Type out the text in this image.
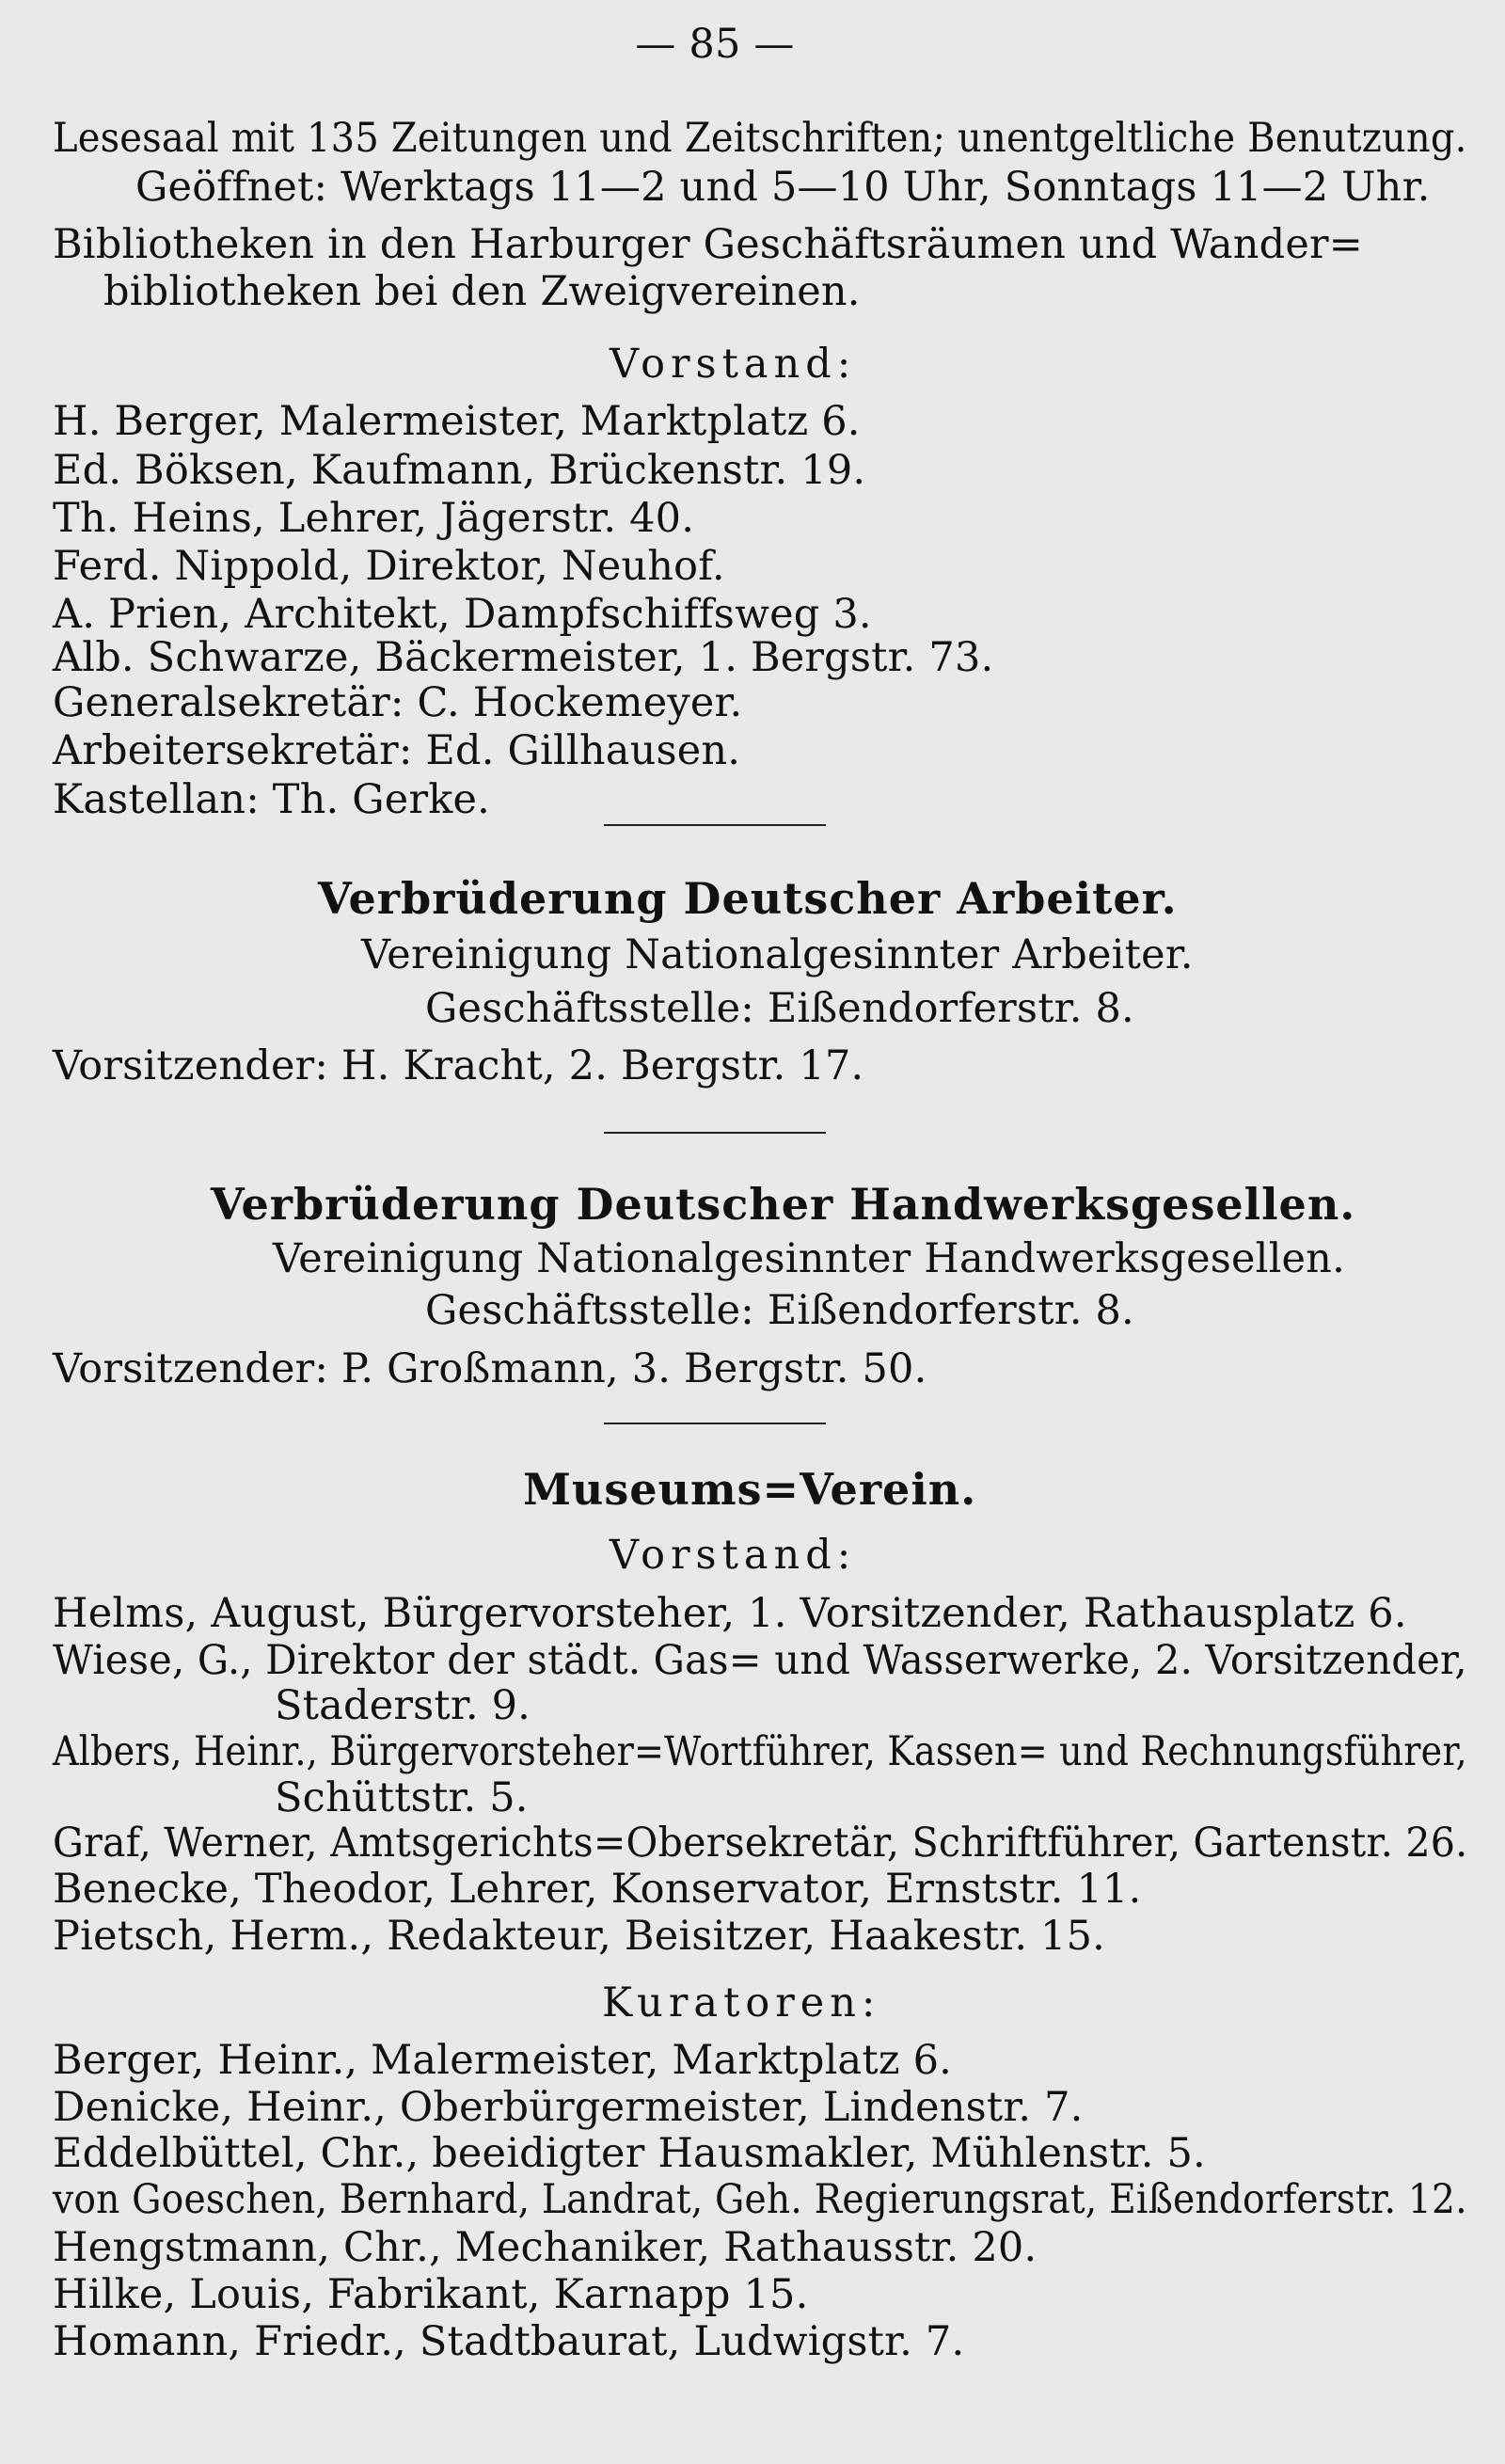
— 85 —
Lesesaal mit 135 Zeitungen und Zeitschriften; unentgeltliche Benutzung.
Geöffnet: Werktags 11—2 und 5—10 Uhr, Sonntags 11—2 Uhr.
Bibliotheken in den Harburger Geschäftsräumen und Wander=
bibliotheken bei den Zweigvereinen.
Vorstand:
H. Berger, Malermeister, Marktplatz 6.
Ed. Böksen, Kaufmann, Brückenstr. 19.
Th. Heins, Lehrer, Jägerstr. 40.
Ferd. Nippold, Direktor, Neuhof.
A. Prien, Architekt, Dampfschiffsweg 3.
Alb. Schwarze, Bäckermeister, 1. Bergstr. 73.
Generalsekretär: C. Hockemeyer.
Arbeitersekretär: Ed. Gillhausen.
Kastellan: Th. Gerke.
Verbrüderung Deutscher Arbeiter.
Vereinigung Nationalgesinnter Arbeiter.
Geschäftsstelle: Eißendorferstr. 8.
Vorsitzender: H. Kracht, 2. Bergstr. 17.
Verbrüderung Deutscher Handwerksgesellen.
Vereinigung Nationalgesinnter Handwerksgesellen.
Geschäftsstelle: Eißendorferstr. 8.
Vorsitzender: P. Großmann, 3. Bergstr. 50.
Museums=Verein.
Vorstand:
Helms, August, Bürgervorsteher, 1. Vorsitzender, Rathausplatz 6.
Wiese, G., Direktor der städt. Gas= und Wasserwerke, 2. Vorsitzender,
Staderstr. 9.
Albers, Heinr., Bürgervorsteher=Wortführer, Kassen= und Rechnungsführer,
Schüttstr. 5.
Graf, Werner, Amtsgerichts=Obersekretär, Schriftführer, Gartenstr. 26.
Benecke, Theodor, Lehrer, Konservator, Ernststr. 11.
Pietsch, Herm., Redakteur, Beisitzer, Haakestr. 15.
Kuratoren:
Berger, Heinr., Malermeister, Marktplatz 6.
Denicke, Heinr., Oberbürgermeister, Lindenstr. 7.
Eddelbüttel, Chr., beeidigter Hausmakler, Mühlenstr. 5.
von Goeschen, Bernhard, Landrat, Geh. Regierungsrat, Eißendorferstr. 12.
Hengstmann, Chr., Mechaniker, Rathausstr. 20.
Hilke, Louis, Fabrikant, Karnapp 15.
Homann, Friedr., Stadtbaurat, Ludwigstr. 7.
